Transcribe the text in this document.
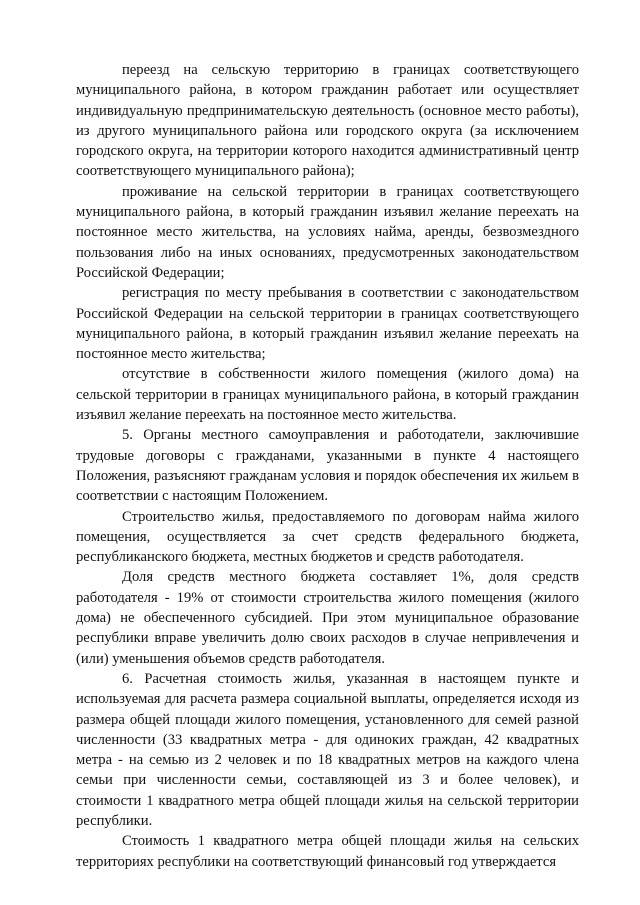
переезд на сельскую территорию в границах соответствующего муниципального района, в котором гражданин работает или осуществляет индивидуальную предпринимательскую деятельность (основное место работы), из другого муниципального района или городского округа (за исключением городского округа, на территории которого находится административный центр соответствующего муниципального района);

проживание на сельской территории в границах соответствующего муниципального района, в который гражданин изъявил желание переехать на постоянное место жительства, на условиях найма, аренды, безвозмездного пользования либо на иных основаниях, предусмотренных законодательством Российской Федерации;

регистрация по месту пребывания в соответствии с законодательством Российской Федерации на сельской территории в границах соответствующего муниципального района, в который гражданин изъявил желание переехать на постоянное место жительства;

отсутствие в собственности жилого помещения (жилого дома) на сельской территории в границах муниципального района, в который гражданин изъявил желание переехать на постоянное место жительства.

5. Органы местного самоуправления и работодатели, заключившие трудовые договоры с гражданами, указанными в пункте 4 настоящего Положения, разъясняют гражданам условия и порядок обеспечения их жильем в соответствии с настоящим Положением.

Строительство жилья, предоставляемого по договорам найма жилого помещения, осуществляется за счет средств федерального бюджета, республиканского бюджета, местных бюджетов и средств работодателя.

Доля средств местного бюджета составляет 1%, доля средств работодателя - 19% от стоимости строительства жилого помещения (жилого дома) не обеспеченного субсидией. При этом муниципальное образование республики вправе увеличить долю своих расходов в случае непривлечения и (или) уменьшения объемов средств работодателя.

6. Расчетная стоимость жилья, указанная в настоящем пункте и используемая для расчета размера социальной выплаты, определяется исходя из размера общей площади жилого помещения, установленного для семей разной численности (33 квадратных метра - для одиноких граждан, 42 квадратных метра - на семью из 2 человек и по 18 квадратных метров на каждого члена семьи при численности семьи, составляющей из 3 и более человек), и стоимости 1 квадратного метра общей площади жилья на сельской территории республики.

Стоимость 1 квадратного метра общей площади жилья на сельских территориях республики на соответствующий финансовый год утверждается
